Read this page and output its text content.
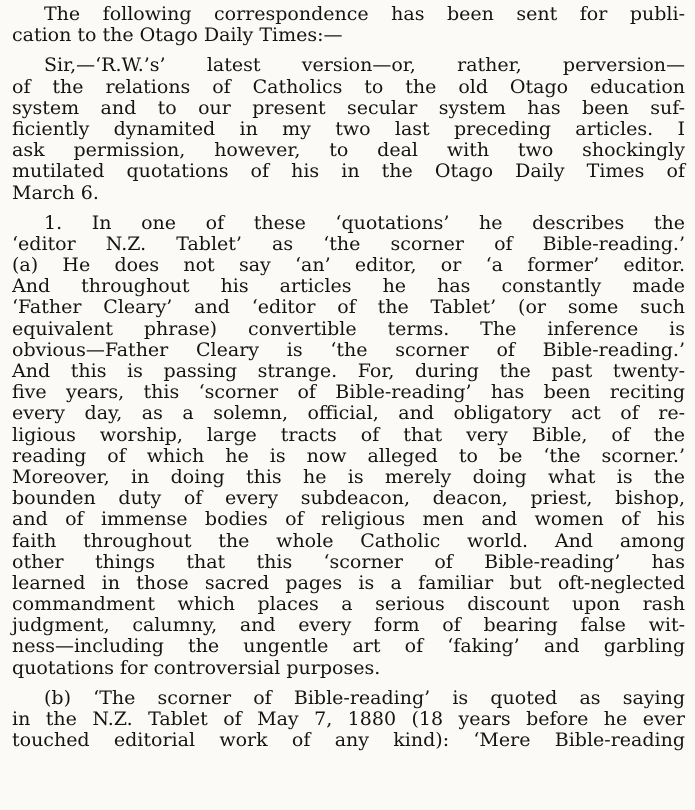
The following correspondence has been sent for publi-
cation to the Otago Daily Times:—
Sir,—‘R.W.’s’ latest version—or, rather, perversion—
of the relations of Catholics to the old Otago education
system and to our present secular system has been suf-
ficiently dynamited in my two last preceding articles. I
ask permission, however, to deal with two shockingly
mutilated quotations of his in the Otago Daily Times of
March 6.
1. In one of these ‘quotations’ he describes the
‘editor N.Z. Tablet’ as ‘the scorner of Bible-reading.’
(a) He does not say ‘an’ editor, or ‘a former’ editor.
And throughout his articles he has constantly made
‘Father Cleary’ and ‘editor of the Tablet’ (or some such
equivalent phrase) convertible terms. The inference is
obvious—Father Cleary is ‘the scorner of Bible-reading.’
And this is passing strange. For, during the past twenty-
five years, this ‘scorner of Bible-reading’ has been reciting
every day, as a solemn, official, and obligatory act of re-
ligious worship, large tracts of that very Bible, of the
reading of which he is now alleged to be ‘the scorner.’
Moreover, in doing this he is merely doing what is the
bounden duty of every subdeacon, deacon, priest, bishop,
and of immense bodies of religious men and women of his
faith throughout the whole Catholic world. And among
other things that this ‘scorner of Bible-reading’ has
learned in those sacred pages is a familiar but oft-neglected
commandment which places a serious discount upon rash
judgment, calumny, and every form of bearing false wit-
ness—including the ungentle art of ‘faking’ and garbling
quotations for controversial purposes.
(b) ‘The scorner of Bible-reading’ is quoted as saying
in the N.Z. Tablet of May 7, 1880 (18 years before he ever
touched editorial work of any kind): ‘Mere Bible-reading
